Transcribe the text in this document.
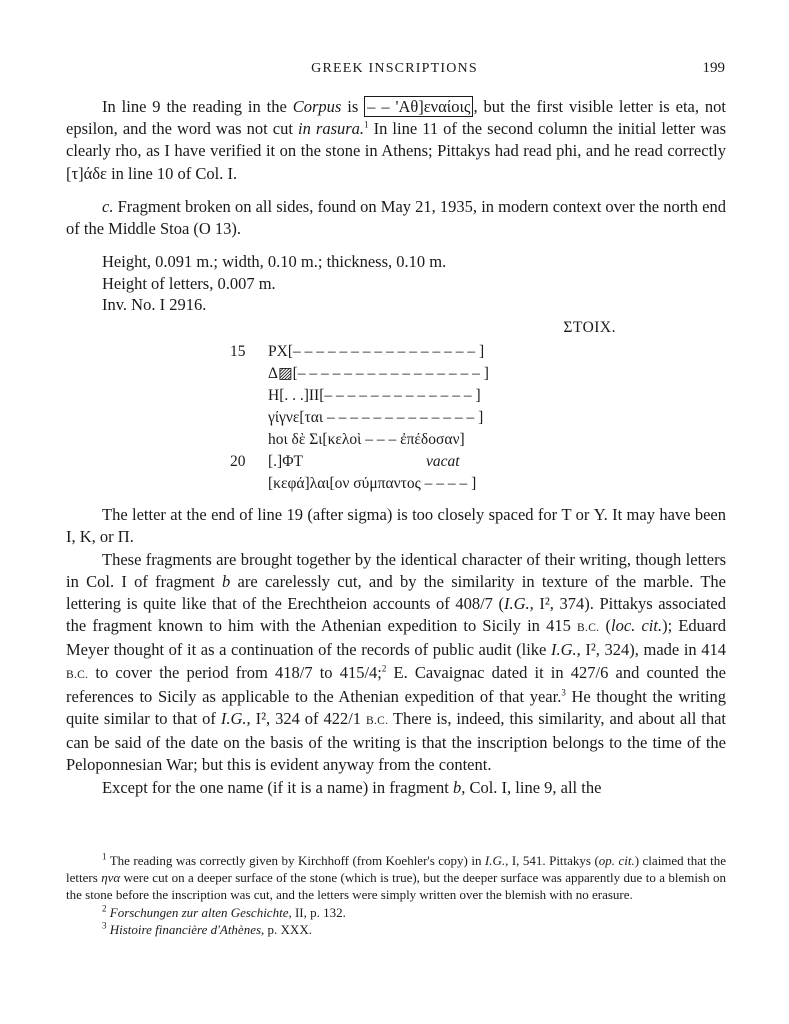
GREEK INSCRIPTIONS	199

In line 9 the reading in the Corpus is – – 'Αθ]εναίοις , but the first visible letter is eta, not epsilon, and the word was not cut in rasura.$^1$ In line 11 of the second column the initial letter was clearly rho, as I have verified it on the stone in Athens; Pittakys had read phi, and he read correctly [τ]άδε in line 10 of Col. I.

c. Fragment broken on all sides, found on May 21, 1935, in modern context over the north end of the Middle Stoa (O 13).

Height, 0.091 m.; width, 0.10 m.; thickness, 0.10 m.
Height of letters, 0.007 m.
Inv. No. I 2916.
ΣΤΟΙΧ.
15	ΡΧ[– – – – – – – – – – – – – – – – ]
Δ▨[– – – – – – – – – – – – – – – – ]
Η[. . .]ΙΙ[– – – – – – – – – – – – – ]
γίγνε[ται – – – – – – – – – – – – – ]
hοι δὲ Σι[κελοὶ – – – ἐπέδοσαν]
20	[.]ΦΤ	vacat
[κεφά]λαι[ον σύμπαντος – – – – ]

The letter at the end of line 19 (after sigma) is too closely spaced for Τ or Υ. It may have been Ι, Κ, or Π.

These fragments are brought together by the identical character of their writing, though letters in Col. I of fragment b are carelessly cut, and by the similarity in texture of the marble. The lettering is quite like that of the Erechtheion accounts of 408/7 (I.G., I², 374). Pittakys associated the fragment known to him with the Athenian expedition to Sicily in 415 B.C. (loc. cit.); Eduard Meyer thought of it as a continuation of the records of public audit (like I.G., I², 324), made in 414 B.C. to cover the period from 418/7 to 415/4;$^2$ E. Cavaignac dated it in 427/6 and counted the references to Sicily as applicable to the Athenian expedition of that year.$^3$ He thought the writing quite similar to that of I.G., I², 324 of 422/1 B.C. There is, indeed, this similarity, and about all that can be said of the date on the basis of the writing is that the inscription belongs to the time of the Peloponnesian War; but this is evident anyway from the content.

Except for the one name (if it is a name) in fragment b, Col. I, line 9, all the

$^1$ The reading was correctly given by Kirchhoff (from Koehler's copy) in I.G., I, 541. Pittakys (op. cit.) claimed that the letters ηνα were cut on a deeper surface of the stone (which is true), but the deeper surface was apparently due to a blemish on the stone before the inscription was cut, and the letters were simply written over the blemish with no erasure.

$^2$ Forschungen zur alten Geschichte, II, p. 132.

$^3$ Histoire financière d'Athènes, p. XXX.
